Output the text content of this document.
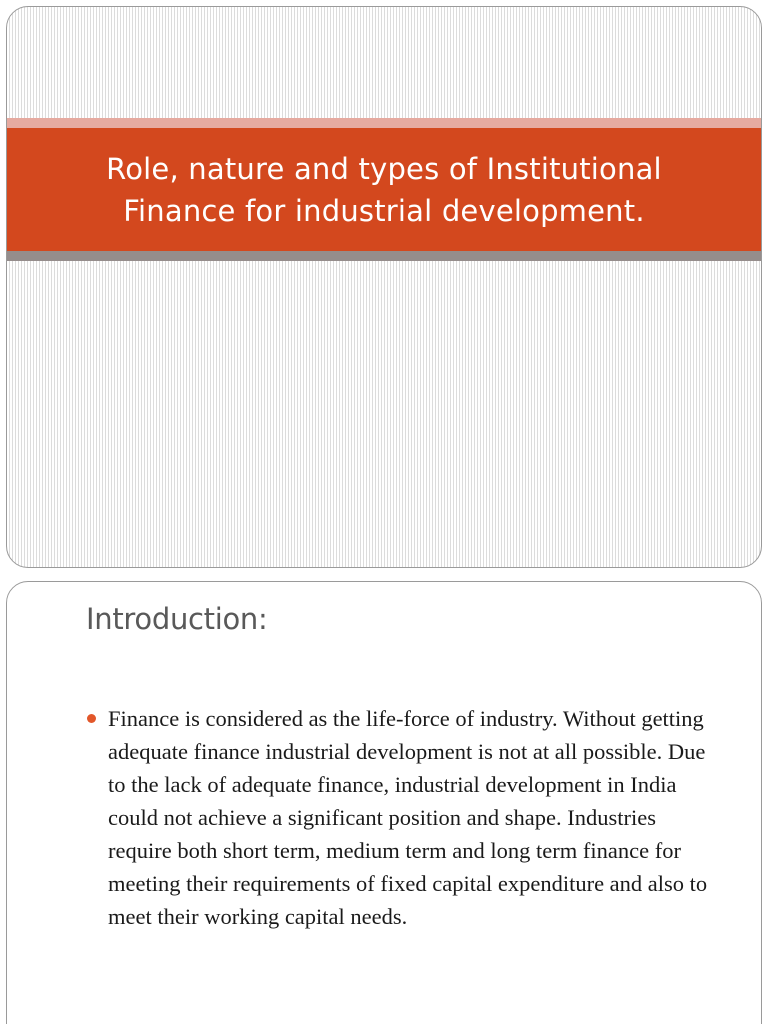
Role, nature and types of Institutional Finance for industrial development.
Introduction:
Finance is considered as the life-force of industry. Without getting adequate finance industrial development is not at all possible. Due to the lack of adequate finance, industrial development in India could not achieve a significant position and shape. Industries require both short term, medium term and long term finance for meeting their requirements of fixed capital expenditure and also to meet their working capital needs.
